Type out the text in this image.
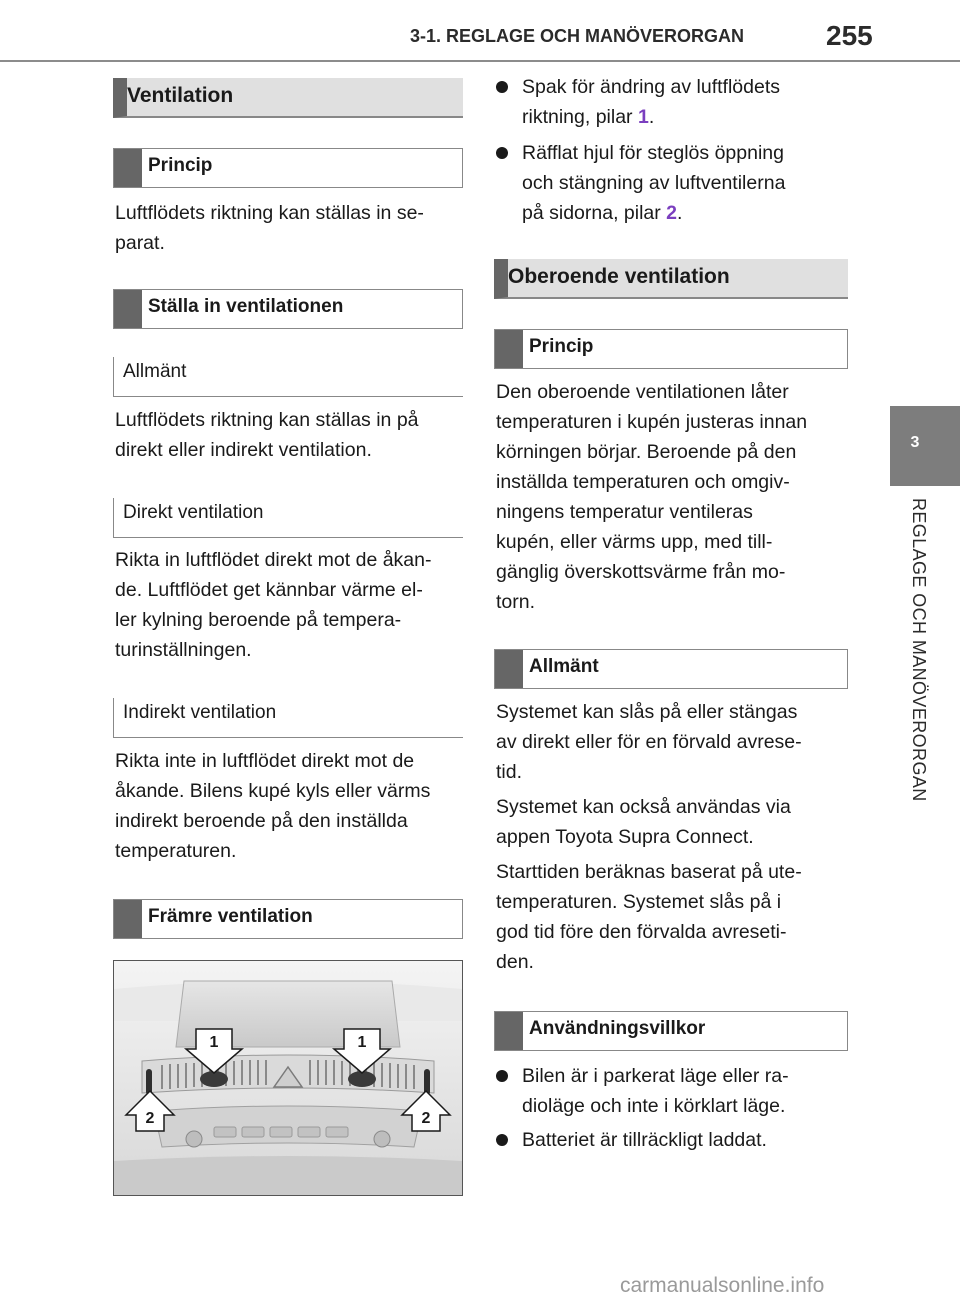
3-1. REGLAGE OCH MANÖVERORGAN	255
3
REGLAGE OCH MANÖVERORGAN
Ventilation
Princip

Luftflödets riktning kan ställas in se-
parat.

Ställa in ventilationen
Allmänt

Luftflödets riktning kan ställas in på
direkt eller indirekt ventilation.

Direkt ventilation

Rikta in luftflödet direkt mot de åkan-
de. Luftflödet get kännbar värme el-
ler kylning beroende på tempera-
turinställningen.

Indirekt ventilation

Rikta inte in luftflödet direkt mot de
åkande. Bilens kupé kyls eller värms
indirekt beroende på den inställda
temperaturen.

Främre ventilation
1	1
2	2
Spak för ändring av luftflödets
riktning, pilar 1.
Räfflat hjul för steglös öppning
och stängning av luftventilerna
på sidorna, pilar 2.
Oberoende ventilation
Princip

Den oberoende ventilationen låter
temperaturen i kupén justeras innan
körningen börjar. Beroende på den
inställda temperaturen och omgiv-
ningens temperatur ventileras
kupén, eller värms upp, med till-
gänglig överskottsvärme från mo-
torn.

Allmänt

Systemet kan slås på eller stängas
av direkt eller för en förvald avrese-
tid.

Systemet kan också användas via
appen Toyota Supra Connect.

Starttiden beräknas baserat på ute-
temperaturen. Systemet slås på i
god tid före den förvalda avreseti-
den.

Användningsvillkor
Bilen är i parkerat läge eller ra-
dioläge och inte i körklart läge.
Batteriet är tillräckligt laddat.
carmanualsonline.info
